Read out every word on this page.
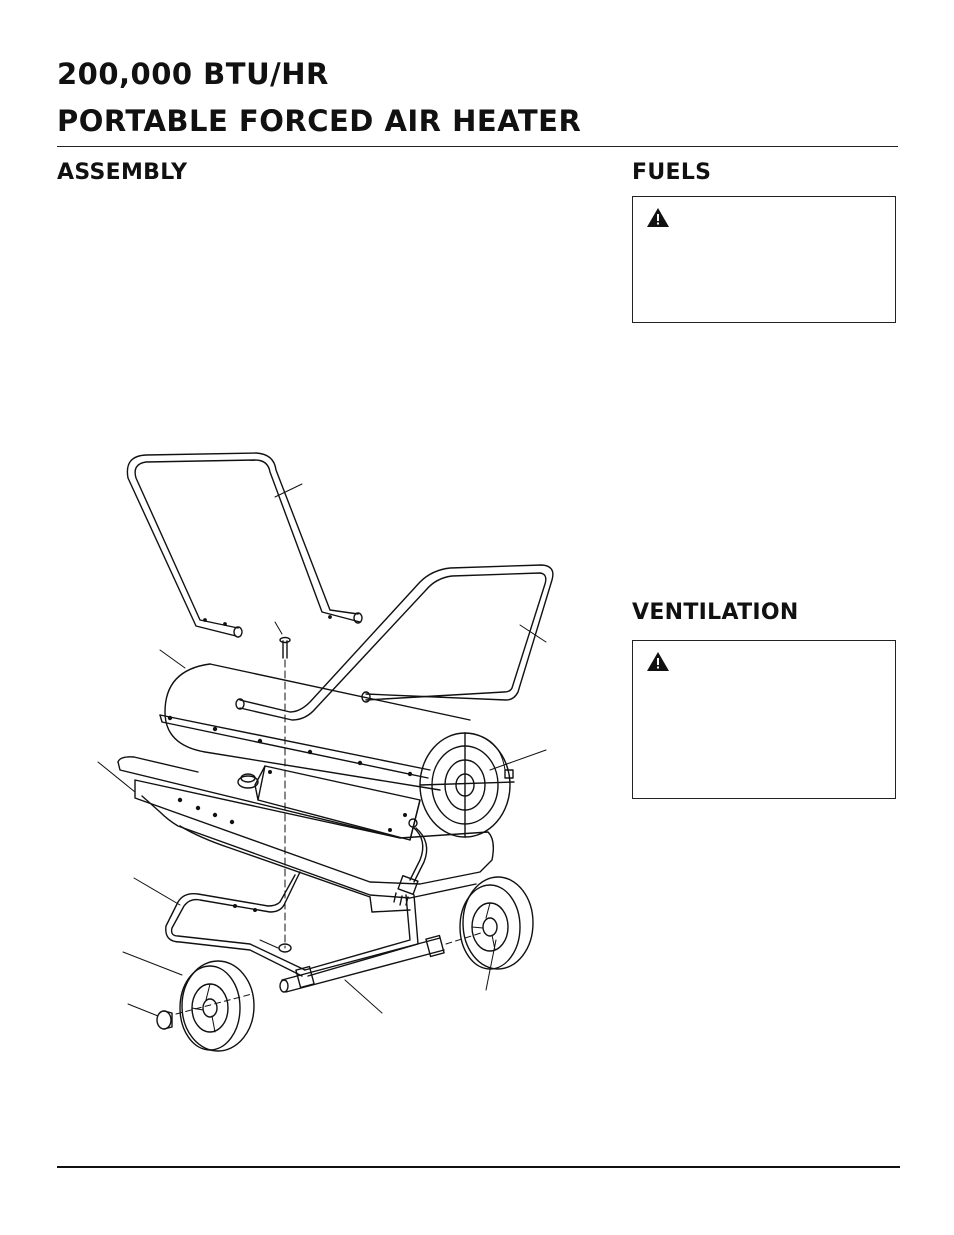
200,000 BTU/HR
PORTABLE FORCED AIR HEATER
ASSEMBLY	FUELS
VENTILATION
